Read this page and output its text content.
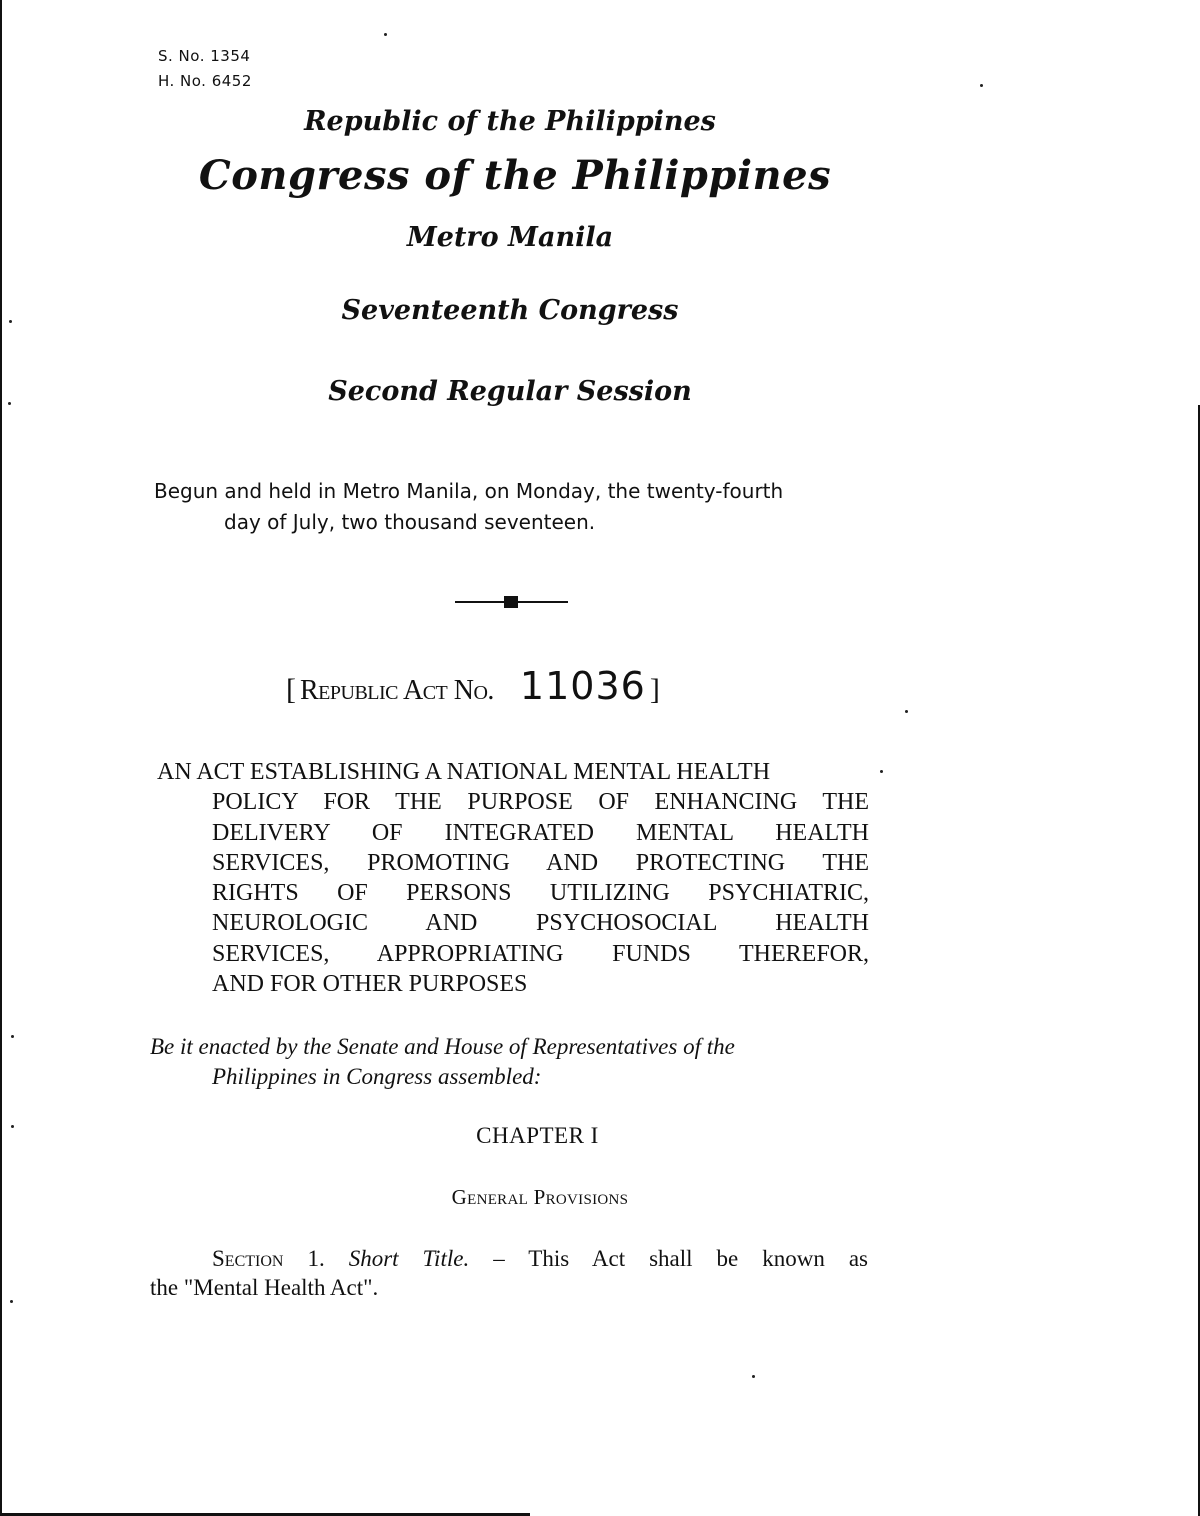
S. No. 1354
H. No. 6452
Republic of the Philippines
Congress of the Philippines
Metro Manila
Seventeenth Congress
Second Regular Session
Begun and held in Metro Manila, on Monday, the twenty-fourth
day of July, two thousand seventeen.
[ Republic Act No. 11036 ]
AN ACT ESTABLISHING A NATIONAL MENTAL HEALTH
POLICY FOR THE PURPOSE OF ENHANCING THE
DELIVERY OF INTEGRATED MENTAL HEALTH
SERVICES, PROMOTING AND PROTECTING THE
RIGHTS OF PERSONS UTILIZING PSYCHIATRIC,
NEUROLOGIC AND PSYCHOSOCIAL HEALTH
SERVICES, APPROPRIATING FUNDS THEREFOR,
AND FOR OTHER PURPOSES
Be it enacted by the Senate and House of Representatives of the
Philippines in Congress assembled:
CHAPTER I
General Provisions
Section 1. Short Title. – This Act shall be known as
the "Mental Health Act".
